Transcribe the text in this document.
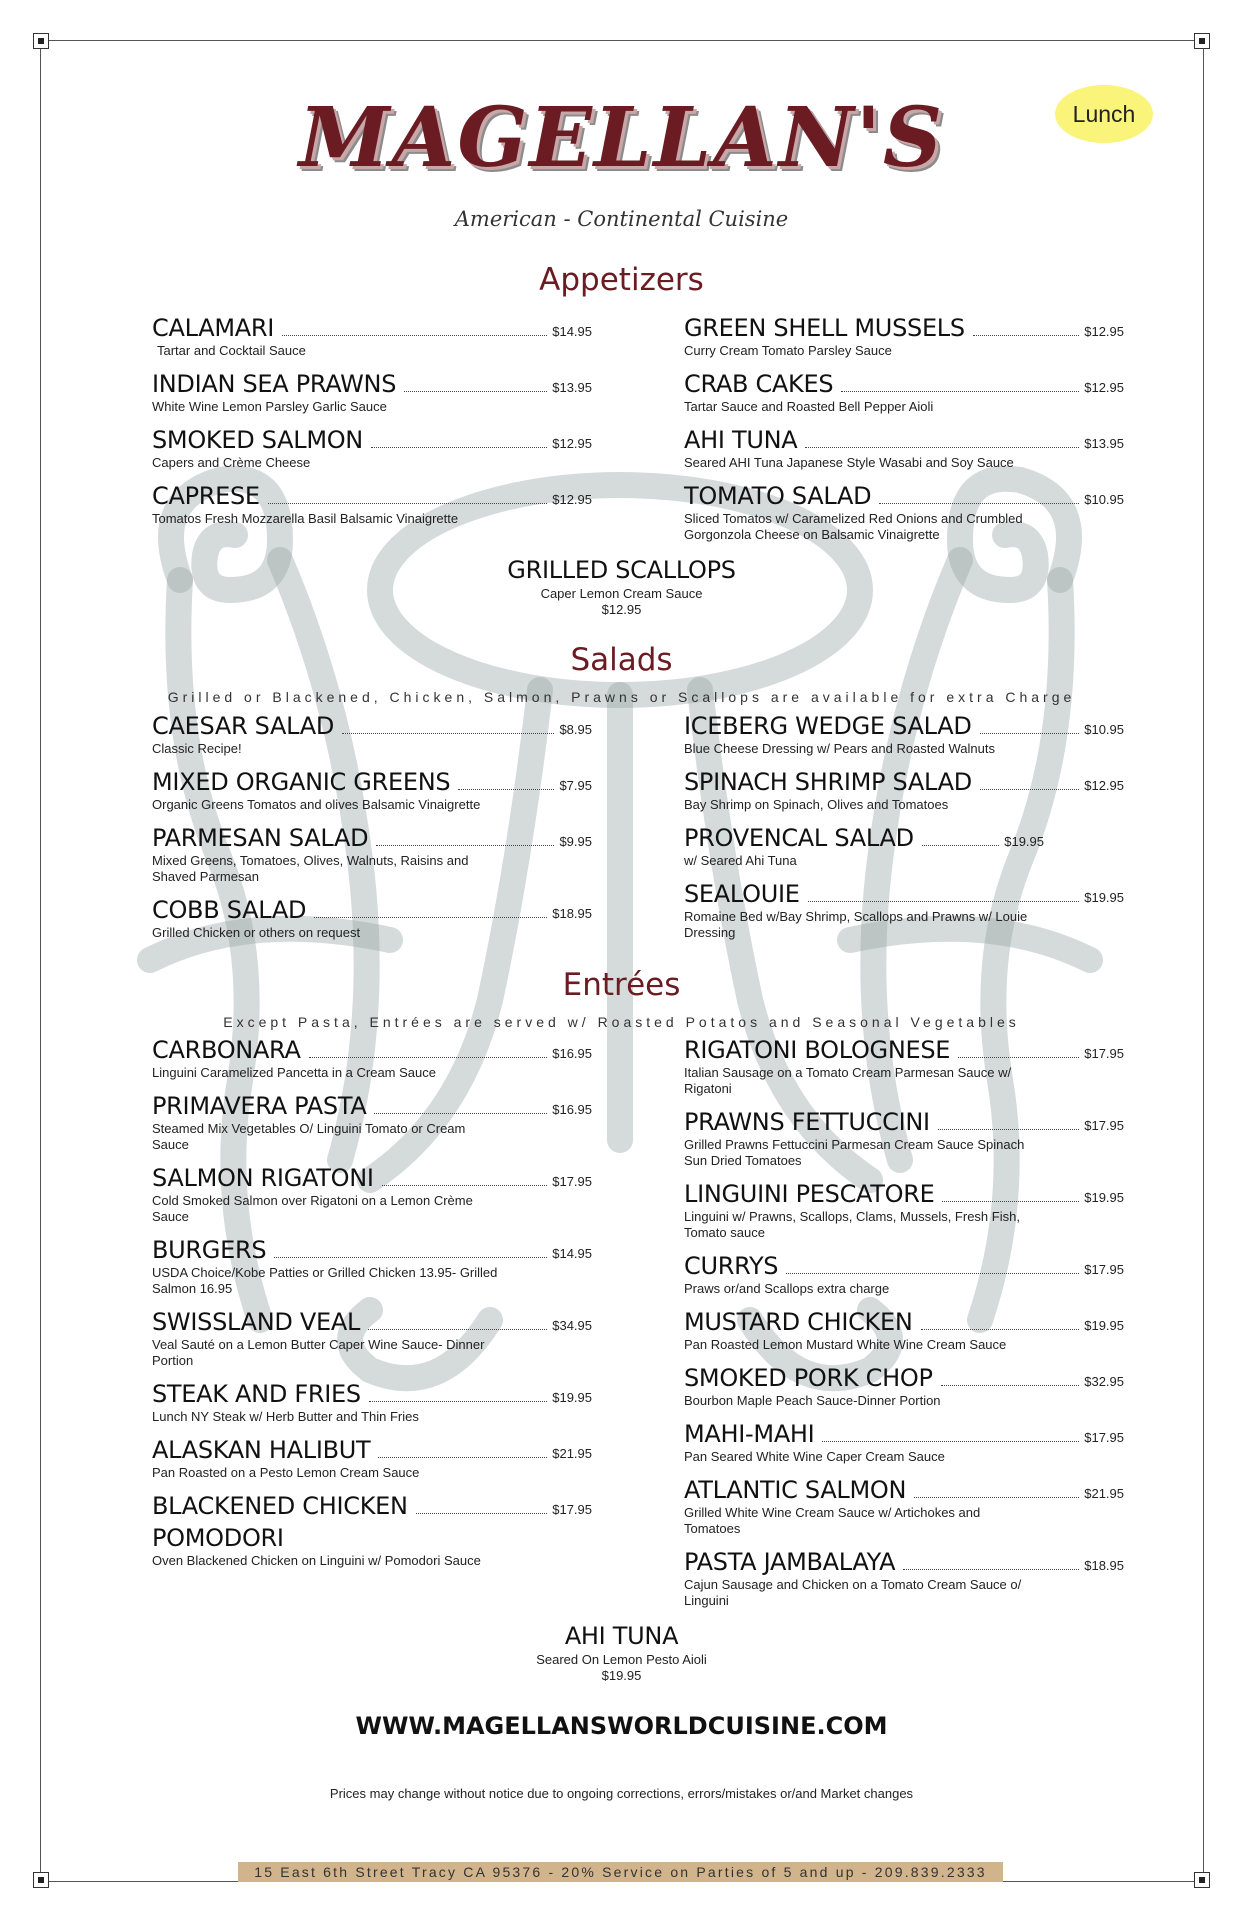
MAGELLAN'S
American - Continental Cuisine
Lunch
Appetizers
CALAMARI	$14.95
Tartar and Cocktail Sauce
INDIAN SEA PRAWNS	$13.95
White Wine Lemon Parsley Garlic Sauce
SMOKED SALMON	$12.95
Capers and Crème Cheese
CAPRESE	$12.95
Tomatos Fresh Mozzarella Basil Balsamic Vinaigrette
GREEN SHELL MUSSELS	$12.95
Curry Cream Tomato Parsley Sauce
CRAB CAKES	$12.95
Tartar Sauce and Roasted Bell Pepper Aioli
AHI TUNA	$13.95
Seared AHI Tuna Japanese Style Wasabi and Soy Sauce
TOMATO SALAD	$10.95
Sliced Tomatos w/ Caramelized Red Onions and Crumbled Gorgonzola Cheese on Balsamic Vinaigrette
GRILLED SCALLOPS
Caper Lemon Cream Sauce
$12.95
Salads
Grilled or Blackened, Chicken, Salmon, Prawns or Scallops are available for extra Charge
CAESAR SALAD	$8.95
Classic Recipe!
MIXED ORGANIC GREENS	$7.95
Organic Greens Tomatos and olives Balsamic Vinaigrette
PARMESAN SALAD	$9.95
Mixed Greens, Tomatoes, Olives, Walnuts, Raisins and Shaved Parmesan
COBB SALAD	$18.95
Grilled Chicken or others on request
ICEBERG WEDGE SALAD	$10.95
Blue Cheese Dressing w/ Pears and Roasted Walnuts
SPINACH SHRIMP SALAD	$12.95
Bay Shrimp on Spinach, Olives and Tomatoes
PROVENCAL SALAD	$19.95
w/ Seared Ahi Tuna
SEALOUIE	$19.95
Romaine Bed w/Bay Shrimp, Scallops and Prawns w/ Louie Dressing
Entrées
Except Pasta, Entrées are served w/ Roasted Potatos and Seasonal Vegetables
CARBONARA	$16.95
Linguini Caramelized Pancetta in a Cream Sauce
PRIMAVERA PASTA	$16.95
Steamed Mix Vegetables O/ Linguini Tomato or Cream Sauce
SALMON RIGATONI	$17.95
Cold Smoked Salmon over Rigatoni on a Lemon Crème Sauce
BURGERS	$14.95
USDA Choice/Kobe Patties or Grilled Chicken 13.95- Grilled Salmon 16.95
SWISSLAND VEAL	$34.95
Veal Sauté on a Lemon Butter Caper Wine Sauce- Dinner Portion
STEAK AND FRIES	$19.95
Lunch NY Steak w/ Herb Butter and Thin Fries
ALASKAN HALIBUT	$21.95
Pan Roasted on a Pesto Lemon Cream Sauce
BLACKENED CHICKEN	$17.95
POMODORI
Oven Blackened Chicken on Linguini w/ Pomodori Sauce
RIGATONI BOLOGNESE	$17.95
Italian Sausage on a Tomato Cream Parmesan Sauce w/ Rigatoni
PRAWNS FETTUCCINI	$17.95
Grilled Prawns Fettuccini Parmesan Cream Sauce Spinach Sun Dried Tomatoes
LINGUINI PESCATORE	$19.95
Linguini w/ Prawns, Scallops, Clams, Mussels, Fresh Fish, Tomato sauce
CURRYS	$17.95
Praws or/and Scallops extra charge
MUSTARD CHICKEN	$19.95
Pan Roasted Lemon Mustard White Wine Cream Sauce
SMOKED PORK CHOP	$32.95
Bourbon Maple Peach Sauce-Dinner Portion
MAHI-MAHI	$17.95
Pan Seared White Wine Caper Cream Sauce
ATLANTIC SALMON	$21.95
Grilled White Wine Cream Sauce w/ Artichokes and Tomatoes
PASTA JAMBALAYA	$18.95
Cajun Sausage and Chicken on a Tomato Cream Sauce o/ Linguini
AHI TUNA
Seared On Lemon Pesto Aioli
$19.95
WWW.MAGELLANSWORLDCUISINE.COM
Prices may change without notice due to ongoing corrections, errors/mistakes or/and Market changes
15 East 6th Street Tracy CA 95376 - 20% Service on Parties of 5 and up - 209.839.2333
